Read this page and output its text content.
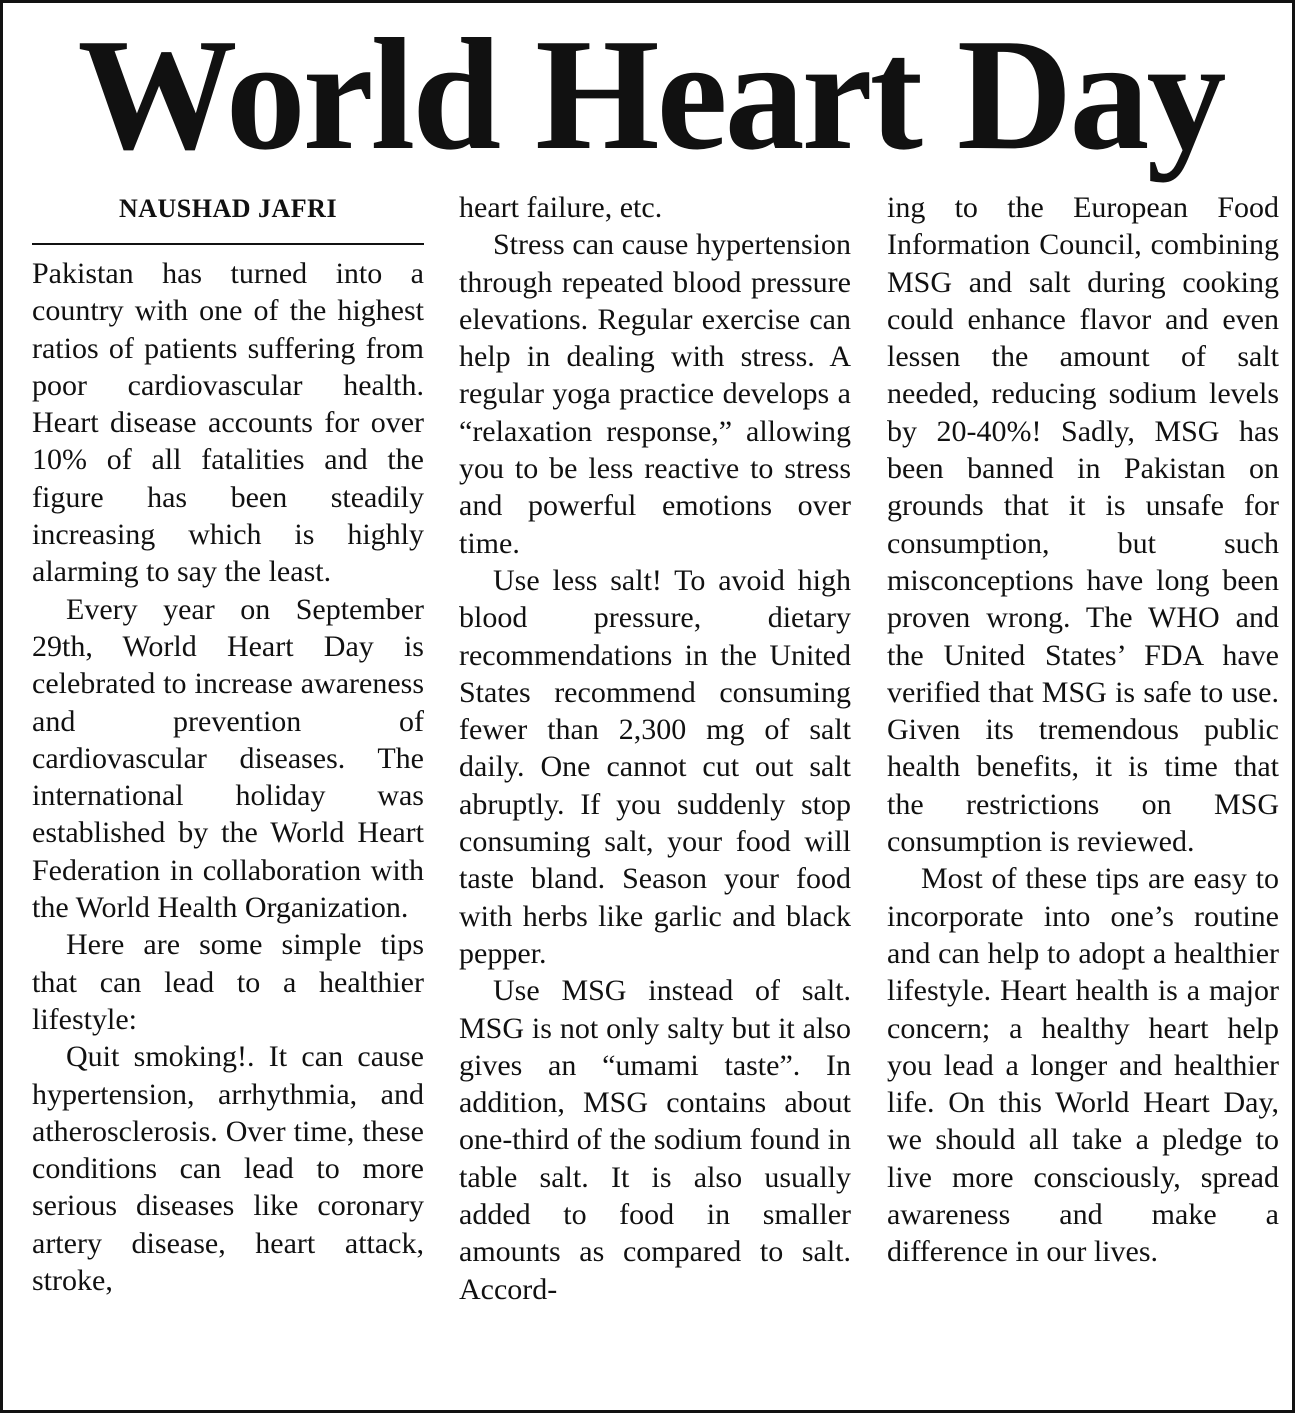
World Heart Day
NAUSHAD JAFRI

Pakistan has turned into a country with one of the highest ratios of patients suffering from poor cardiovascular health. Heart disease accounts for over 10% of all fatalities and the figure has been steadily increasing which is highly alarming to say the least.

Every year on September 29th, World Heart Day is celebrated to increase awareness and prevention of cardiovascular diseases. The international holiday was established by the World Heart Federation in collaboration with the World Health Organization.

Here are some simple tips that can lead to a healthier lifestyle:

Quit smoking!. It can cause hypertension, arrhythmia, and atherosclerosis. Over time, these conditions can lead to more serious diseases like coronary artery disease, heart attack, stroke,

heart failure, etc.

Stress can cause hypertension through repeated blood pressure elevations. Regular exercise can help in dealing with stress. A regular yoga practice develops a “relaxation response,” allowing you to be less reactive to stress and powerful emotions over time.

Use less salt! To avoid high blood pressure, dietary recommendations in the United States recommend consuming fewer than 2,300 mg of salt daily. One cannot cut out salt abruptly. If you suddenly stop consuming salt, your food will taste bland. Season your food with herbs like garlic and black pepper.

Use MSG instead of salt. MSG is not only salty but it also gives an “umami taste”. In addition, MSG contains about one-third of the sodium found in table salt. It is also usually added to food in smaller amounts as compared to salt. Accord-

ing to the European Food Information Council, combining MSG and salt during cooking could enhance flavor and even lessen the amount of salt needed, reducing sodium levels by 20-40%! Sadly, MSG has been banned in Pakistan on grounds that it is unsafe for consumption, but such misconceptions have long been proven wrong. The WHO and the United States’ FDA have verified that MSG is safe to use. Given its tremendous public health benefits, it is time that the restrictions on MSG consumption is reviewed.

Most of these tips are easy to incorporate into one’s routine and can help to adopt a healthier lifestyle. Heart health is a major concern; a healthy heart help you lead a longer and healthier life. On this World Heart Day, we should all take a pledge to live more consciously, spread awareness and make a difference in our lives.
